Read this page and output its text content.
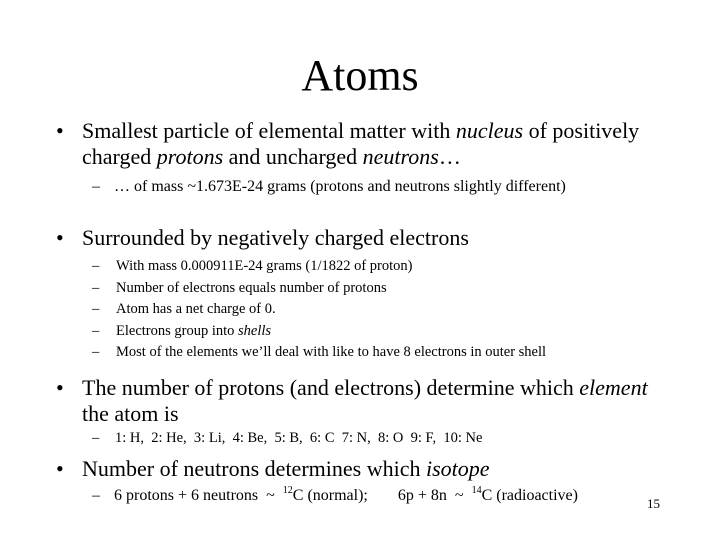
Atoms
• Smallest particle of elemental matter with nucleus of positively charged protons and uncharged neutrons…
– … of mass ~1.673E-24 grams (protons and neutrons slightly different)
• Surrounded by negatively charged electrons
– With mass 0.000911E-24 grams (1/1822 of proton)
– Number of electrons equals number of protons
– Atom has a net charge of 0.
– Electrons group into shells
– Most of the elements we’ll deal with like to have 8 electrons in outer shell
• The number of protons (and electrons) determine which element the atom is
– 1: H,  2: He,  3: Li,  4: Be,  5: B,  6: C  7: N,  8: O  9: F,  10: Ne
• Number of neutrons determines which isotope
– 6 protons + 6 neutrons  ~  $^{12}$C (normal); 6p + 8n  ~  $^{14}$C (radioactive)	15
